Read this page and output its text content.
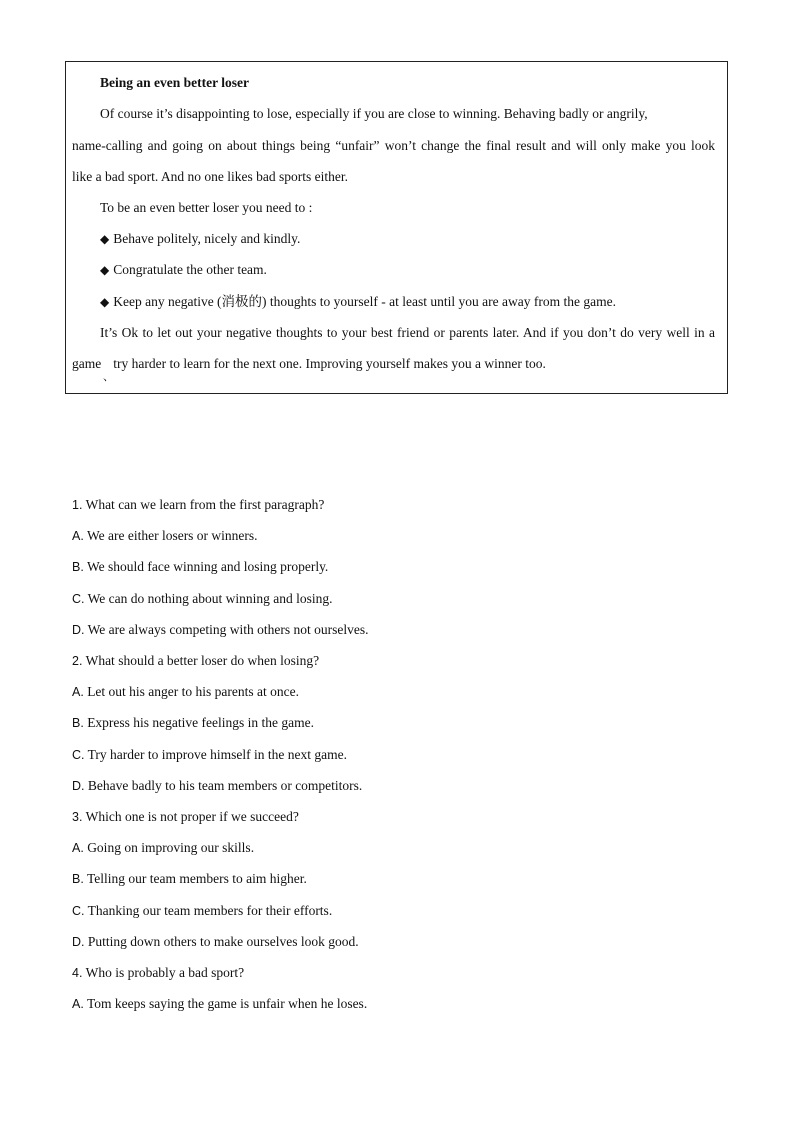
Being an even better loser
Of course it’s disappointing to lose, especially if you are close to winning. Behaving badly or angrily,
name-calling and going on about things being “unfair” won’t change the final result and will only make you look
like a bad sport. And no one likes bad sports either.
To be an even better loser you need to :
◆ Behave politely, nicely and kindly.
◆ Congratulate the other team.
◆ Keep any negative (消极的) thoughts to yourself - at least until you are away from the game.
It’s Ok to let out your negative thoughts to your best friend or parents later. And if you don’t do very well in a
game try harder to learn for the next one. Improving yourself makes you a winner too.
、
1. What can we learn from the first paragraph?
A. We are either losers or winners.
B. We should face winning and losing properly.
C. We can do nothing about winning and losing.
D. We are always competing with others not ourselves.
2. What should a better loser do when losing?
A. Let out his anger to his parents at once.
B. Express his negative feelings in the game.
C. Try harder to improve himself in the next game.
D. Behave badly to his team members or competitors.
3. Which one is not proper if we succeed?
A. Going on improving our skills.
B. Telling our team members to aim higher.
C. Thanking our team members for their efforts.
D. Putting down others to make ourselves look good.
4. Who is probably a bad sport?
A. Tom keeps saying the game is unfair when he loses.
